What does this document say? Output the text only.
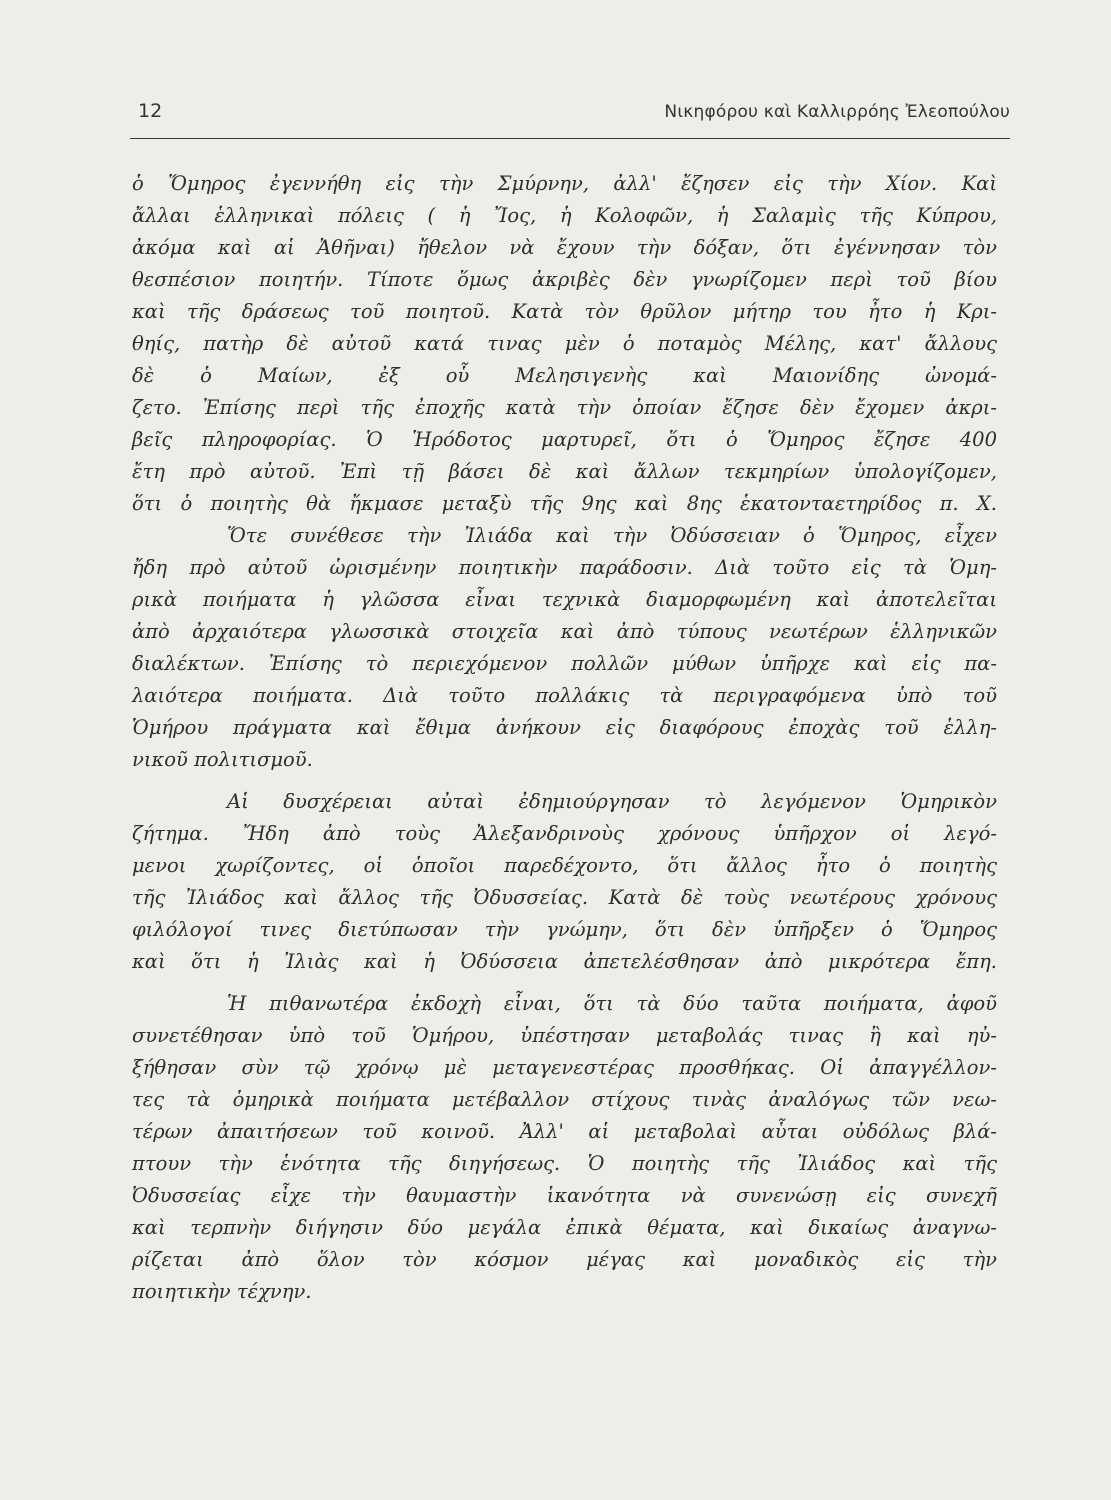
12	Νικηφόρου καὶ Καλλιρρόης Ἐλεοπούλου

ὁ Ὅμηρος ἐγεννήθη εἰς τὴν Σμύρνην, ἀλλ' ἔζησεν εἰς τὴν Χίον. Καὶ
ἄλλαι ἑλληνικαὶ πόλεις ( ἡ Ἴος, ἡ Κολοφῶν, ἡ Σαλαμὶς τῆς Κύπρου,
ἀκόμα καὶ αἱ Ἀθῆναι) ἤθελον νὰ ἔχουν τὴν δόξαν, ὅτι ἐγέννησαν τὸν
θεσπέσιον ποιητήν. Τίποτε ὅμως ἀκριβὲς δὲν γνωρίζομεν περὶ τοῦ βίου
καὶ τῆς δράσεως τοῦ ποιητοῦ. Κατὰ τὸν θρῦλον μήτηρ του ἦτο ἡ Κρι-
θηίς, πατὴρ δὲ αὐτοῦ κατά τινας μὲν ὁ ποταμὸς Μέλης, κατ' ἄλλους
δὲ ὁ Μαίων, ἐξ οὗ Μελησιγενὴς καὶ Μαιονίδης ὠνομά-
ζετο. Ἐπίσης περὶ τῆς ἐποχῆς κατὰ τὴν ὁποίαν ἔζησε δὲν ἔχομεν ἀκρι-
βεῖς πληροφορίας. Ὁ Ἡρόδοτος μαρτυρεῖ, ὅτι ὁ Ὅμηρος ἔζησε 400
ἔτη πρὸ αὐτοῦ. Ἐπὶ τῇ βάσει δὲ καὶ ἄλλων τεκμηρίων ὑπολογίζομεν,
ὅτι ὁ ποιητὴς θὰ ἤκμασε μεταξὺ τῆς 9ης καὶ 8ης ἑκατονταετηρίδος π. Χ.

Ὅτε συνέθεσε τὴν Ἰλιάδα καὶ τὴν Ὀδύσσειαν ὁ Ὅμηρος, εἶχεν
ἤδη πρὸ αὐτοῦ ὡρισμένην ποιητικὴν παράδοσιν. Διὰ τοῦτο εἰς τὰ Ὁμη-
ρικὰ ποιήματα ἡ γλῶσσα εἶναι τεχνικὰ διαμορφωμένη καὶ ἀποτελεῖται
ἀπὸ ἀρχαιότερα γλωσσικὰ στοιχεῖα καὶ ἀπὸ τύπους νεωτέρων ἑλληνικῶν
διαλέκτων. Ἐπίσης τὸ περιεχόμενον πολλῶν μύθων ὑπῆρχε καὶ εἰς πα-
λαιότερα ποιήματα. Διὰ τοῦτο πολλάκις τὰ περιγραφόμενα ὑπὸ τοῦ
Ὁμήρου πράγματα καὶ ἔθιμα ἀνήκουν εἰς διαφόρους ἐποχὰς τοῦ ἑλλη-
νικοῦ πολιτισμοῦ.

Αἱ δυσχέρειαι αὐταὶ ἐδημιούργησαν τὸ λεγόμενον Ὁμηρικὸν
ζήτημα. Ἤδη ἀπὸ τοὺς Ἀλεξανδρινοὺς χρόνους ὑπῆρχον οἱ λεγό-
μενοι χωρίζοντες, οἱ ὁποῖοι παρεδέχοντο, ὅτι ἄλλος ἦτο ὁ ποιητὴς
τῆς Ἰλιάδος καὶ ἄλλος τῆς Ὀδυσσείας. Κατὰ δὲ τοὺς νεωτέρους χρόνους
φιλόλογοί τινες διετύπωσαν τὴν γνώμην, ὅτι δὲν ὑπῆρξεν ὁ Ὅμηρος
καὶ ὅτι ἡ Ἰλιὰς καὶ ἡ Ὀδύσσεια ἀπετελέσθησαν ἀπὸ μικρότερα ἔπη.

Ἡ πιθανωτέρα ἐκδοχὴ εἶναι, ὅτι τὰ δύο ταῦτα ποιήματα, ἀφοῦ
συνετέθησαν ὑπὸ τοῦ Ὁμήρου, ὑπέστησαν μεταβολάς τινας ἢ καὶ ηὐ-
ξήθησαν σὺν τῷ χρόνῳ μὲ μεταγενεστέρας προσθήκας. Οἱ ἀπαγγέλλον-
τες τὰ ὁμηρικὰ ποιήματα μετέβαλλον στίχους τινὰς ἀναλόγως τῶν νεω-
τέρων ἀπαιτήσεων τοῦ κοινοῦ. Ἀλλ' αἱ μεταβολαὶ αὗται οὐδόλως βλά-
πτουν τὴν ἑνότητα τῆς διηγήσεως. Ὁ ποιητὴς τῆς Ἰλιάδος καὶ τῆς
Ὀδυσσείας εἶχε τὴν θαυμαστὴν ἱκανότητα νὰ συνενώσῃ εἰς συνεχῆ
καὶ τερπνὴν διήγησιν δύο μεγάλα ἐπικὰ θέματα, καὶ δικαίως ἀναγνω-
ρίζεται ἀπὸ ὅλον τὸν κόσμον μέγας καὶ μοναδικὸς εἰς τὴν
ποιητικὴν τέχνην.
